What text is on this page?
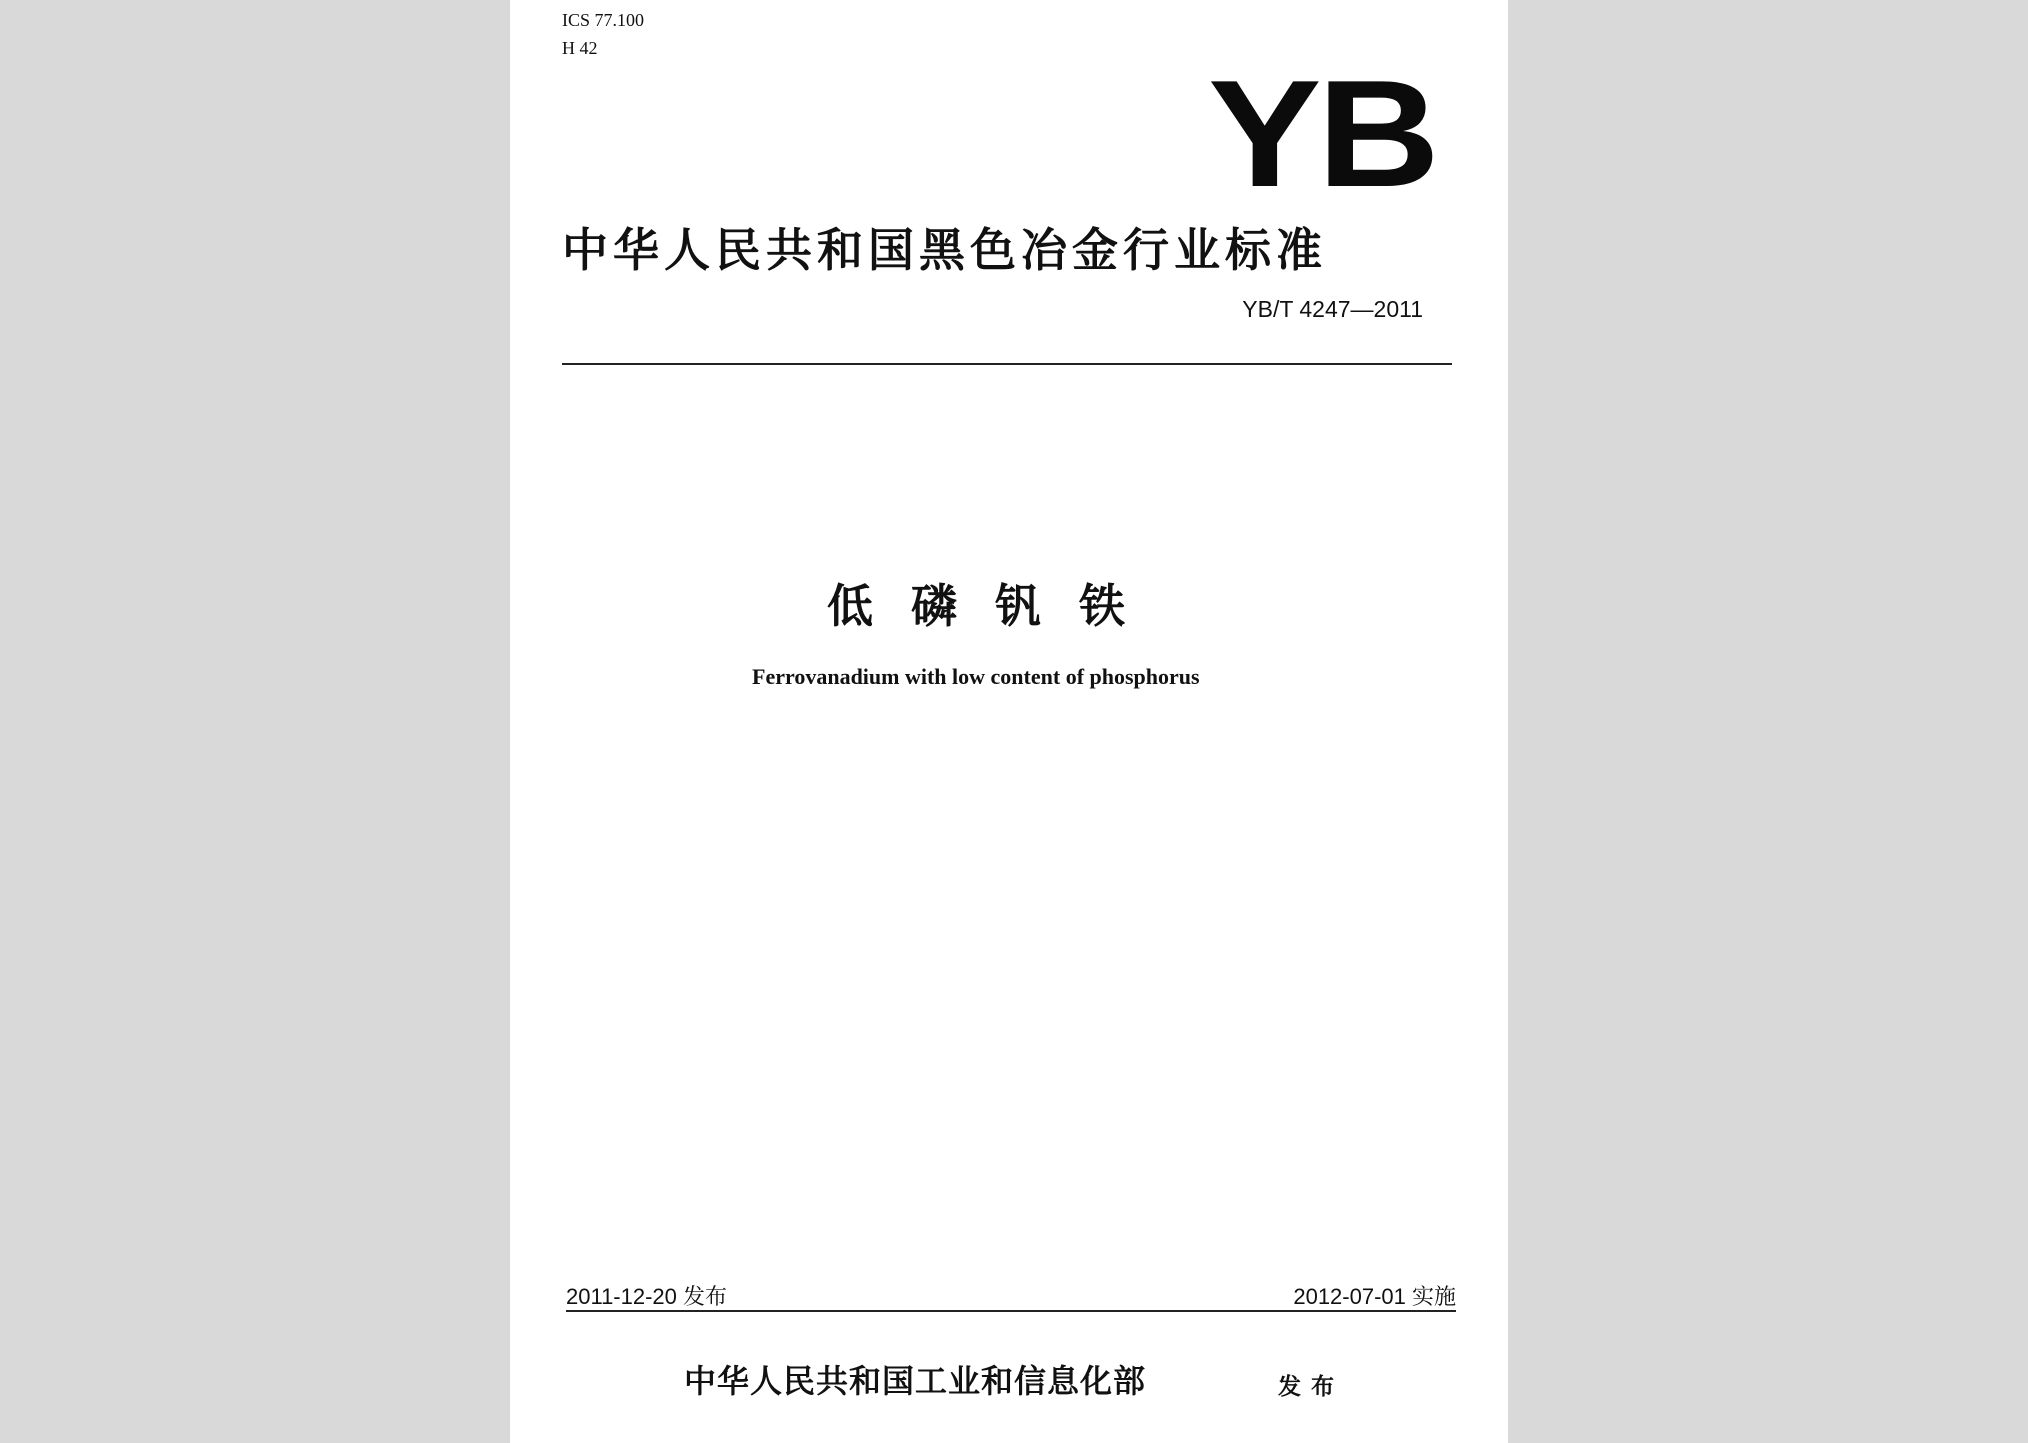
ICS 77.100
H 42
YB
中华人民共和国黑色冶金行业标准
YB/T 4247—2011
低磷钒铁
Ferrovanadium with low content of phosphorus
2011-12-20 发布	2012-07-01 实施
中华人民共和国工业和信息化部	发布
